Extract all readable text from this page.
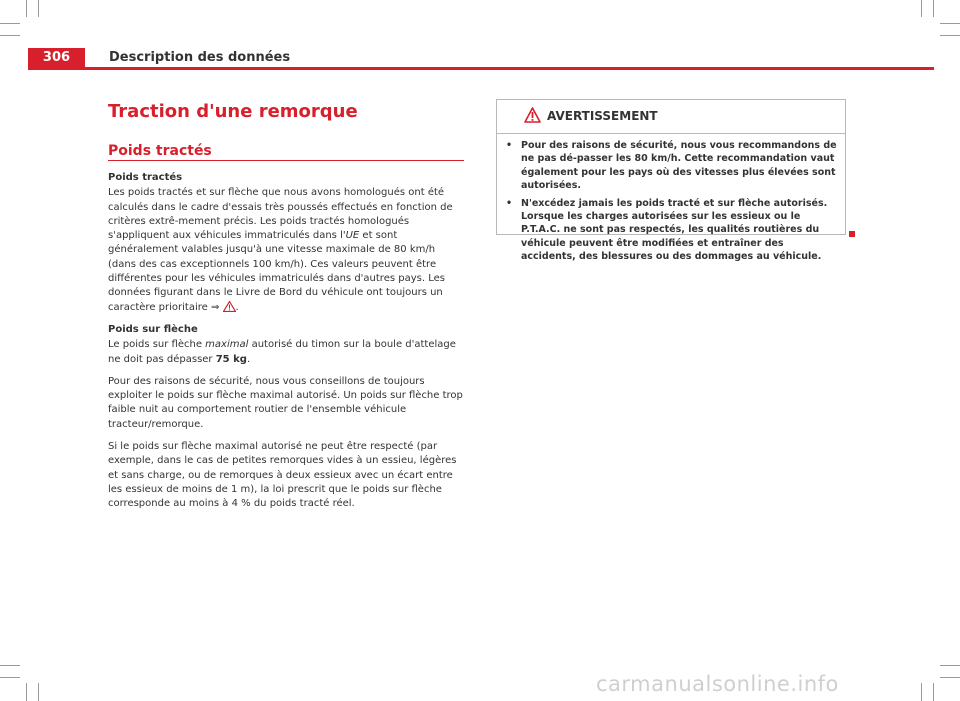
306	Description des données
Traction d'une remorque
Poids tractés

Poids tractés

Les poids tractés et sur flèche que nous avons homologués ont été calculés dans le cadre d'essais très poussés effectués en fonction de critères extrê-mement précis. Les poids tractés homologués s'appliquent aux véhicules immatriculés dans l'UE et sont généralement valables jusqu'à une vitesse maximale de 80 km/h (dans des cas exceptionnels 100 km/h). Ces valeurs peuvent être différentes pour les véhicules immatriculés dans d'autres pays. Les données figurant dans le Livre de Bord du véhicule ont toujours un caractère prioritaire ⇒ .

Poids sur flèche

Le poids sur flèche maximal autorisé du timon sur la boule d'attelage ne doit pas dépasser 75 kg.

Pour des raisons de sécurité, nous vous conseillons de toujours exploiter le poids sur flèche maximal autorisé. Un poids sur flèche trop faible nuit au comportement routier de l'ensemble véhicule tracteur/remorque.

Si le poids sur flèche maximal autorisé ne peut être respecté (par exemple, dans le cas de petites remorques vides à un essieu, légères et sans charge, ou de remorques à deux essieux avec un écart entre les essieux de moins de 1 m), la loi prescrit que le poids sur flèche corresponde au moins à 4 % du poids tracté réel.

AVERTISSEMENT
• Pour des raisons de sécurité, nous vous recommandons de ne pas dé-passer les 80 km/h. Cette recommandation vaut également pour les pays où des vitesses plus élevées sont autorisées.
• N'excédez jamais les poids tracté et sur flèche autorisés. Lorsque les charges autorisées sur les essieux ou le P.T.A.C. ne sont pas respectés, les qualités routières du véhicule peuvent être modifiées et entraîner des accidents, des blessures ou des dommages au véhicule.
carmanualsonline.info
